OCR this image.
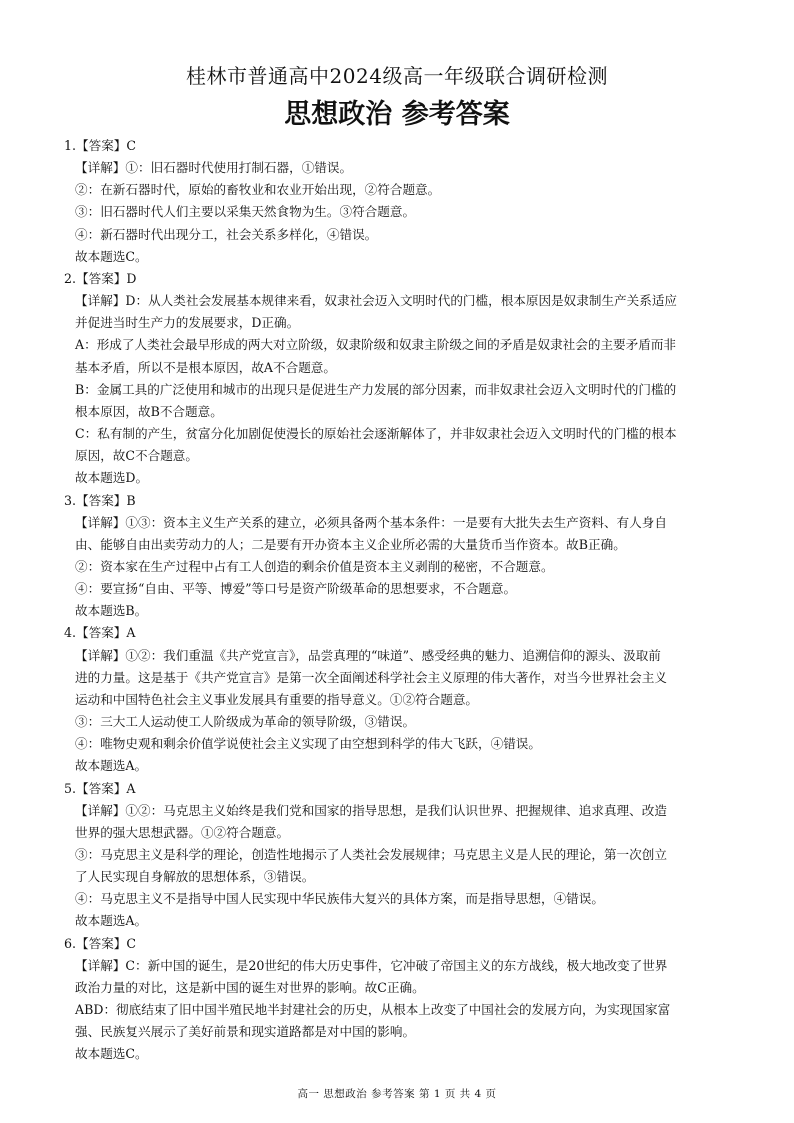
桂林市普通高中2024级高一年级联合调研检测
思想政治 参考答案

1.【答案】C

【详解】①：旧石器时代使用打制石器，①错误。

②：在新石器时代，原始的畜牧业和农业开始出现，②符合题意。

③：旧石器时代人们主要以采集天然食物为生。③符合题意。

④：新石器时代出现分工，社会关系多样化，④错误。

故本题选C。

2.【答案】D

【详解】D：从人类社会发展基本规律来看，奴隶社会迈入文明时代的门槛，根本原因是奴隶制生产关系适应

并促进当时生产力的发展要求，D正确。

A：形成了人类社会最早形成的两大对立阶级，奴隶阶级和奴隶主阶级之间的矛盾是奴隶社会的主要矛盾而非

基本矛盾，所以不是根本原因，故A不合题意。

B：金属工具的广泛使用和城市的出现只是促进生产力发展的部分因素，而非奴隶社会迈入文明时代的门槛的

根本原因，故B不合题意。

C：私有制的产生，贫富分化加剧促使漫长的原始社会逐渐解体了，并非奴隶社会迈入文明时代的门槛的根本

原因，故C不合题意。

故本题选D。

3.【答案】B

【详解】①③：资本主义生产关系的建立，必须具备两个基本条件：一是要有大批失去生产资料、有人身自

由、能够自由出卖劳动力的人；二是要有开办资本主义企业所必需的大量货币当作资本。故B正确。

②：资本家在生产过程中占有工人创造的剩余价值是资本主义剥削的秘密，不合题意。

④：要宣扬“自由、平等、博爱”等口号是资产阶级革命的思想要求，不合题意。

故本题选B。

4.【答案】A

【详解】①②：我们重温《共产党宣言》，品尝真理的“味道”、感受经典的魅力、追溯信仰的源头、汲取前

进的力量。这是基于《共产党宣言》是第一次全面阐述科学社会主义原理的伟大著作，对当今世界社会主义

运动和中国特色社会主义事业发展具有重要的指导意义。①②符合题意。

③：三大工人运动使工人阶级成为革命的领导阶级，③错误。

④：唯物史观和剩余价值学说使社会主义实现了由空想到科学的伟大飞跃，④错误。

故本题选A。

5.【答案】A

【详解】①②：马克思主义始终是我们党和国家的指导思想，是我们认识世界、把握规律、追求真理、改造

世界的强大思想武器。①②符合题意。

③：马克思主义是科学的理论，创造性地揭示了人类社会发展规律；马克思主义是人民的理论，第一次创立

了人民实现自身解放的思想体系，③错误。

④：马克思主义不是指导中国人民实现中华民族伟大复兴的具体方案，而是指导思想，④错误。

故本题选A。

6.【答案】C

【详解】C：新中国的诞生，是20世纪的伟大历史事件，它冲破了帝国主义的东方战线，极大地改变了世界

政治力量的对比，这是新中国的诞生对世界的影响。故C正确。

ABD：彻底结束了旧中国半殖民地半封建社会的历史，从根本上改变了中国社会的发展方向，为实现国家富

强、民族复兴展示了美好前景和现实道路都是对中国的影响。

故本题选C。

高一 思想政治 参考答案 第 1 页 共 4 页
